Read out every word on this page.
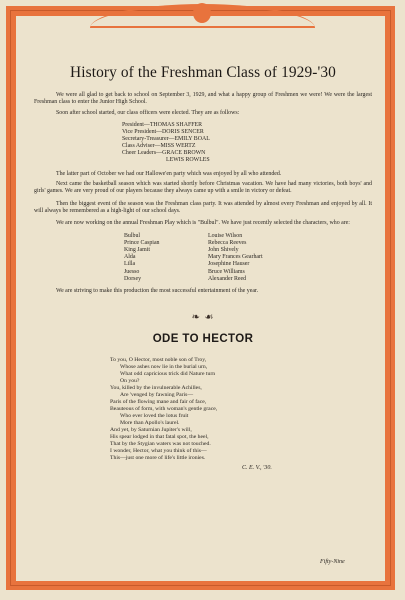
History of the Freshman Class of 1929-'30

We were all glad to get back to school on September 3, 1929, and what a happy group of Freshmen we were! We were the largest Freshman class to enter the Junior High School.

Soon after school started, our class officers were elected. They are as follows:

President—THOMAS SHAFFER
Vice President—DORIS SENCER
Secretary-Treasurer—EMILY BOAL
Class Adviser—MISS WERTZ
Cheer Leaders—GRACE BROWN
LEWIS ROWLES

The latter part of October we had our Hallowe'en party which was enjoyed by all who attended.

Next came the basketball season which was started shortly before Christmas vacation. We have had many victories, both boys' and girls' games. We are very proud of our players because they always came up with a smile in victory or defeat.

Then the biggest event of the season was the Freshman class party. It was attended by almost every Freshman and enjoyed by all. It will always be remembered as a high-light of our school days.

We are now working on the annual Freshman Play which is "Bulbul". We have just recently selected the characters, who are:

Bulbul	Louise Wilson
Prince Caspian	Rebecca Reeves
King Jamit	John Shively
Alda	Mary Frances Gearhart
Lilla	Josephine Hauser
Juesso	Bruce Williams
Dorsey	Alexander Reed

We are striving to make this production the most successful entertainment of the year.

❧ ☙
ODE TO HECTOR
To you, O Hector, most noble son of Troy,
Whose ashes now lie in the burial urn,
What odd capricious trick did Nature turn
On you?
You, killed by the invulnerable Achilles,
Are 'venged by fawning Paris—
Paris of the flowing mane and fair of face,
Beauteous of form, with woman's gentle grace,
Who ever loved the lotus fruit
More than Apollo's laurel.
And yet, by Saturnian Jupiter's will,
His spear lodged in that fatal spot, the heel,
That by the Stygian waters was not touched.
I wonder, Hector, what you think of this—
This—just one more of life's little ironies.
C. E. V., '30.
Fifty-Nine
